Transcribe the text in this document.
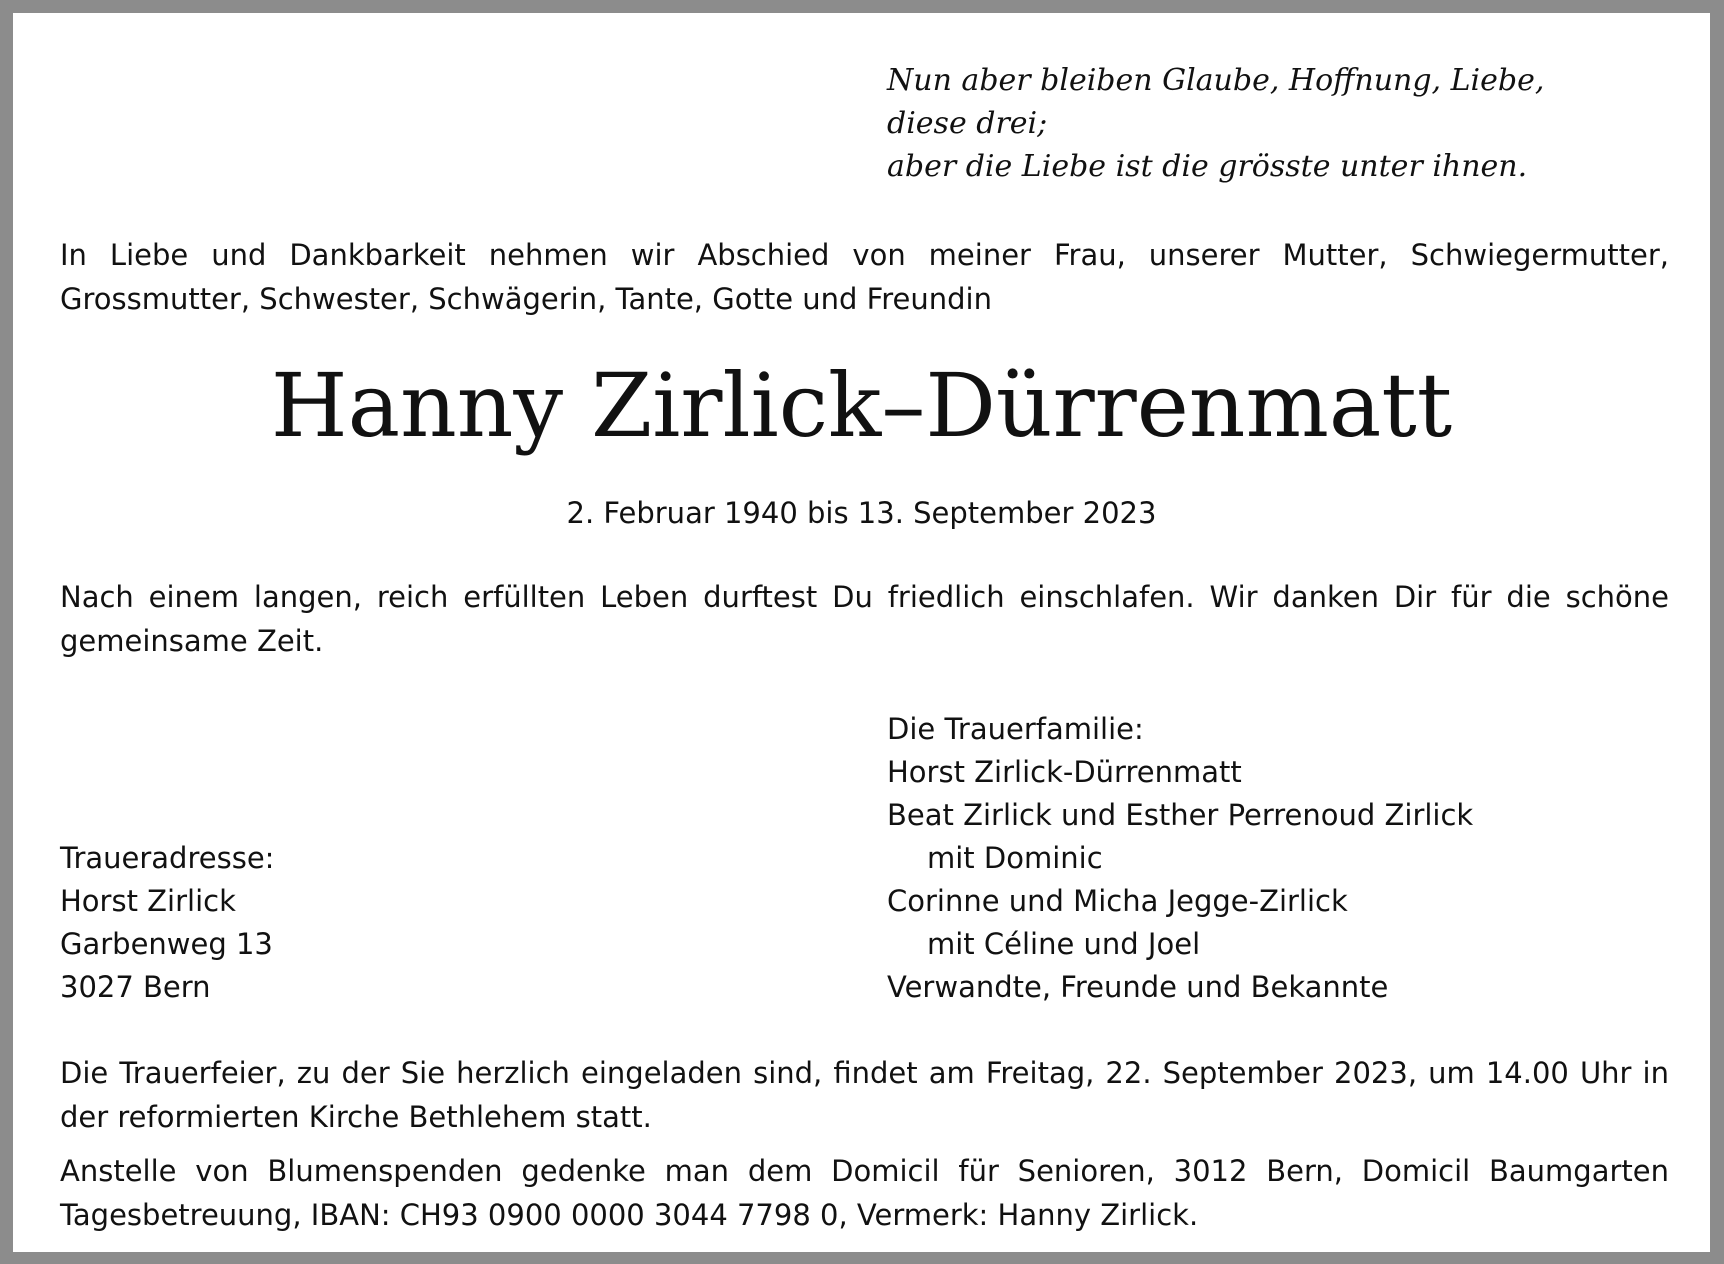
Nun aber bleiben Glaube, Hoffnung, Liebe,
diese drei;
aber die Liebe ist die grösste unter ihnen.
In Liebe und Dankbarkeit nehmen wir Abschied von meiner Frau, unserer Mutter, Schwiegermutter, Grossmutter, Schwester, Schwägerin, Tante, Gotte und Freundin
Hanny Zirlick–Dürrenmatt
2. Februar 1940 bis 13. September 2023
Nach einem langen, reich erfüllten Leben durftest Du friedlich einschlafen. Wir danken Dir für die schöne gemeinsame Zeit.
Die Trauerfamilie:
Horst Zirlick-Dürrenmatt
Beat Zirlick und Esther Perrenoud Zirlick
mit Dominic
Corinne und Micha Jegge-Zirlick
mit Céline und Joel
Verwandte, Freunde und Bekannte
Traueradresse:
Horst Zirlick
Garbenweg 13
3027 Bern
Die Trauerfeier, zu der Sie herzlich eingeladen sind, findet am Freitag, 22. September 2023, um 14.00 Uhr in der reformierten Kirche Bethlehem statt.
Anstelle von Blumenspenden gedenke man dem Domicil für Senioren, 3012 Bern, Domicil Baumgarten Tagesbetreuung, IBAN: CH93 0900 0000 3044 7798 0, Vermerk: Hanny Zirlick.
